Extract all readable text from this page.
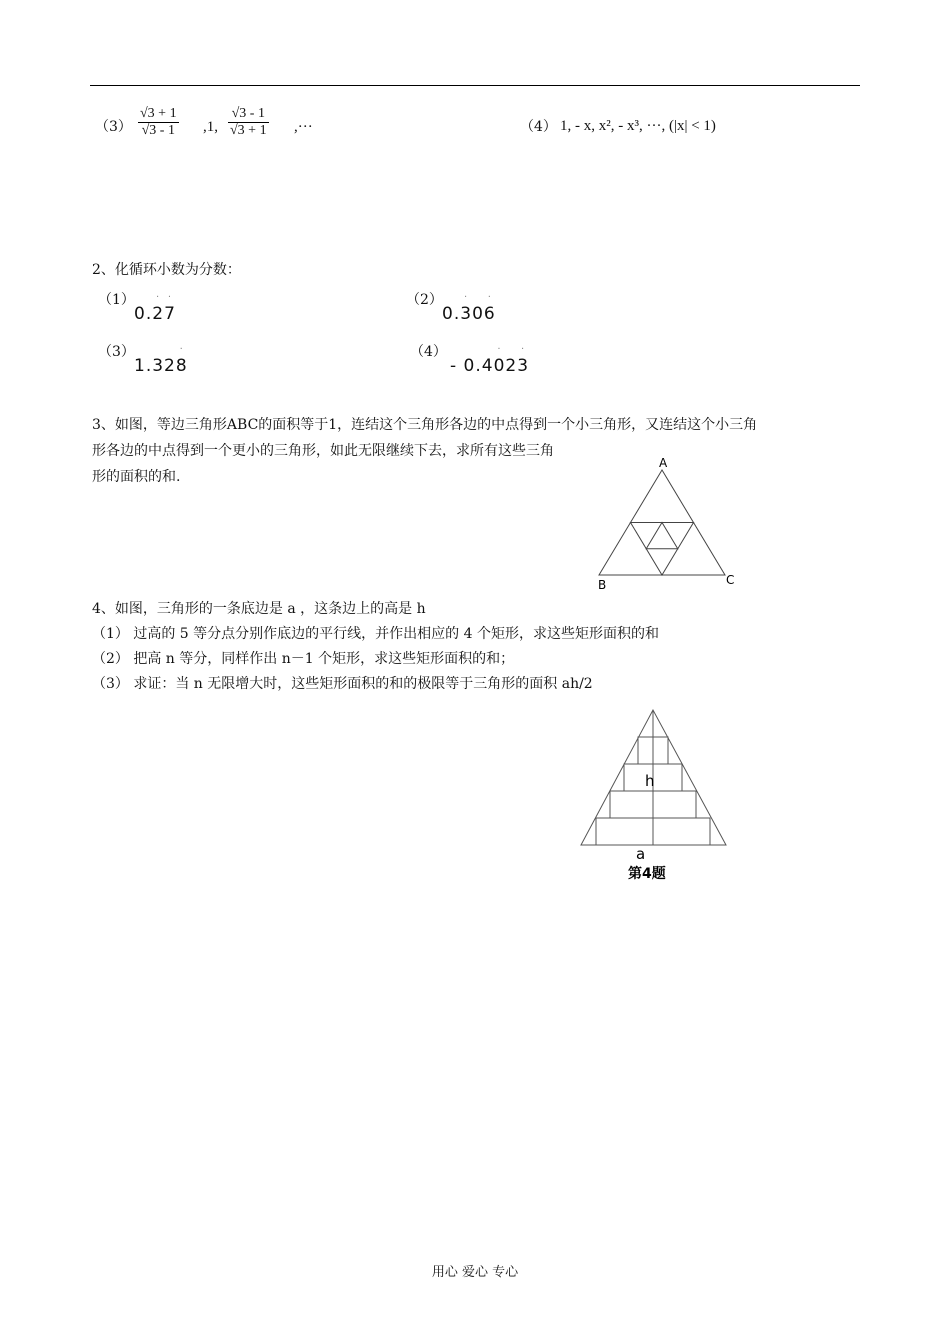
$(3) \frac{√3 + 1}{√3 - 1} ,1$, $\frac{√3 - 1}{√3 + 1}$ ,···	（4） 1, - x, x², - x³, ···, (|x| < 1)
2、化循环小数为分数：
（1）
0.· 2· 7
（2）
0.· 30· 6
（3）
1.32· 8
（4）
- 0.4· 02· 3
3、如图，等边三角形ABC的面积等于1，连结这个三角形各边的中点得到一个小三角形，又连结这个小三角
形各边的中点得到一个更小的三角形，如此无限继续下去，求所有这些三角
形的面积的和.
A
B	C
h
a
第4题
4、如图，三角形的一条底边是 a ，这条边上的高是 h
（1） 过高的 5 等分点分别作底边的平行线，并作出相应的 4 个矩形，求这些矩形面积的和
（2） 把高 n 等分，同样作出 n－1 个矩形，求这些矩形面积的和；
（3） 求证：当 n 无限增大时，这些矩形面积的和的极限等于三角形的面积 ah/2
用心 爱心 专心
